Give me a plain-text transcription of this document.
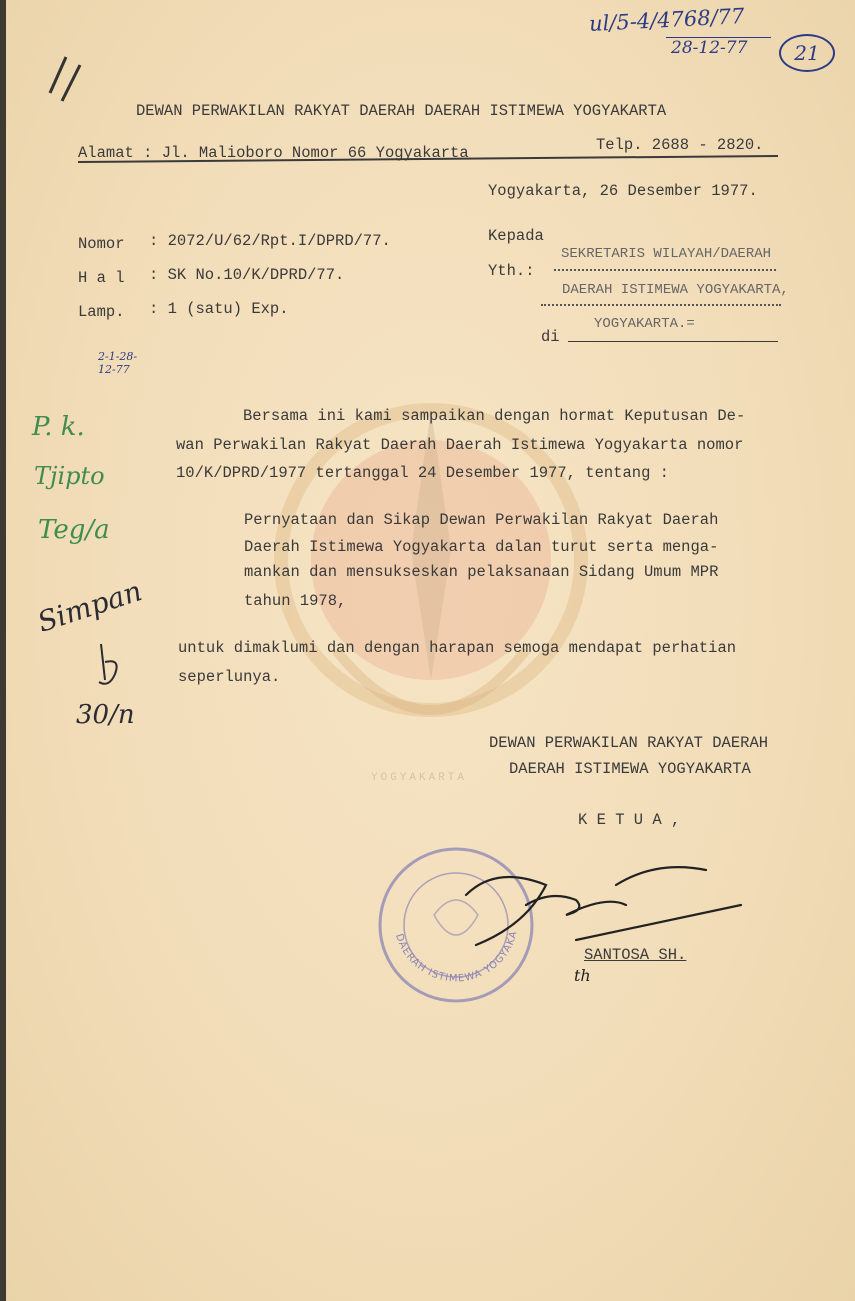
YOGYAKARTA
ul/5-4/4768/77
28-12-77	21
DEWAN PERWAKILAN RAKYAT DAERAH DAERAH ISTIMEWA YOGYAKARTA
Alamat : Jl. Malioboro Nomor 66 Yogyakarta	Telp. 2688 - 2820.
Yogyakarta, 26 Desember 1977.
Nomor : 2072/U/62/Rpt.I/DPRD/77.
H a l : SK No.10/K/DPRD/77.
Lamp. : 1 (satu) Exp.
Kepada
Yth.:
SEKRETARIS WILAYAH/DAERAH
DAERAH ISTIMEWA YOGYAKARTA,
di
YOGYAKARTA.=
2-1-28-12-77
P. k.
Tjipto
Teg/a
Simpan
30/n
Bersama ini kami sampaikan dengan hormat Keputusan De-
wan Perwakilan Rakyat Daerah Daerah Istimewa Yogyakarta nomor
10/K/DPRD/1977 tertanggal 24 Desember 1977, tentang :
Pernyataan dan Sikap Dewan Perwakilan Rakyat Daerah
Daerah Istimewa Yogyakarta dalan turut serta menga-
mankan dan mensukseskan pelaksanaan Sidang Umum MPR
tahun 1978,
untuk dimaklumi dan dengan harapan semoga mendapat perhatian
seperlunya.
DEWAN PERWAKILAN RAKYAT DAERAH
DAERAH ISTIMEWA YOGYAKARTA
K E T U A ,
DAERAH ISTIMEWA YOGYAKARTA
SANTOSA SH.
th
